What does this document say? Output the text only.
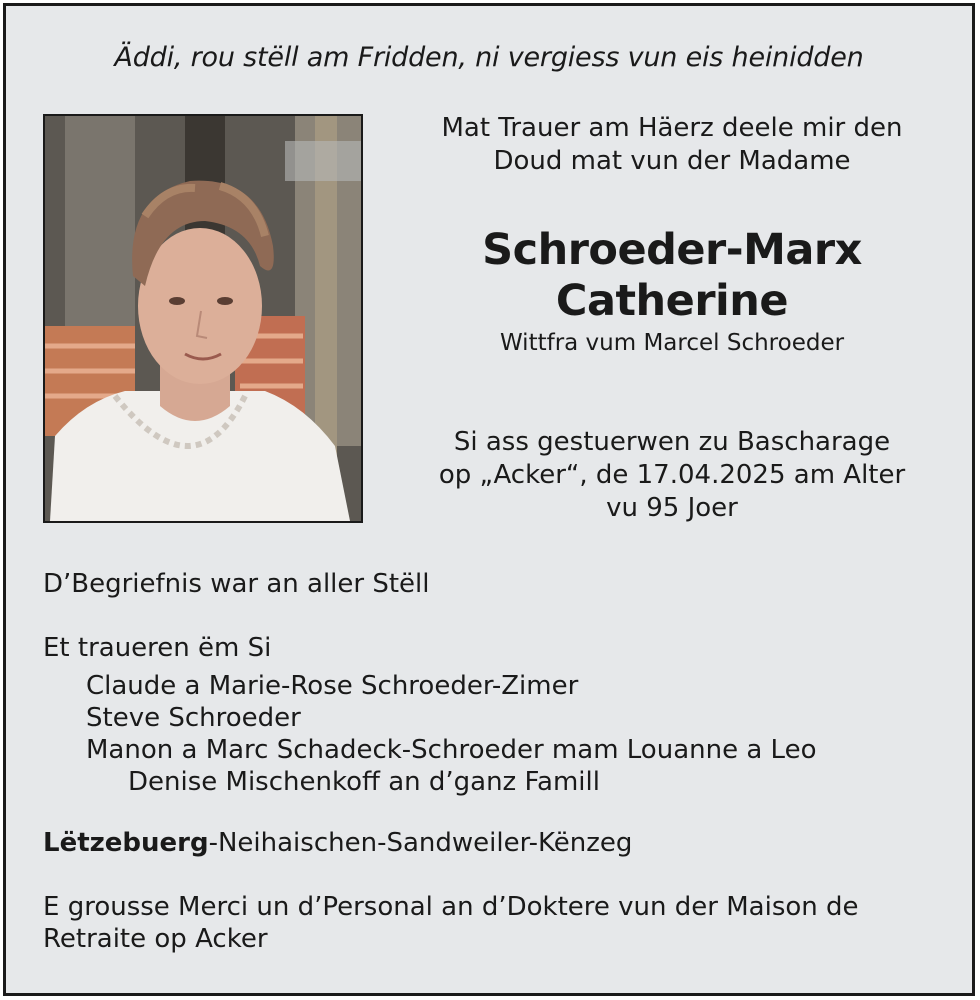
Äddi, rou stëll am Fridden, ni vergiess vun eis heinidden
Mat Trauer am Häerz deele mir den
Doud mat vun der Madame
Schroeder-Marx
Catherine
Wittfra vum Marcel Schroeder
Si ass gestuerwen zu Bascharage
op „Acker“, de 17.04.2025 am Alter
vu 95 Joer
D’Begriefnis war an aller Stëll
Et traueren ëm Si
Claude a Marie-Rose Schroeder-Zimer
Steve Schroeder
Manon a Marc Schadeck-Schroeder mam Louanne a Leo
Denise Mischenkoff an d’ganz Famill
Lëtzebuerg-Neihaischen-Sandweiler-Kënzeg
E grousse Merci un d’Personal an d’Doktere vun der Maison de
Retraite op Acker
